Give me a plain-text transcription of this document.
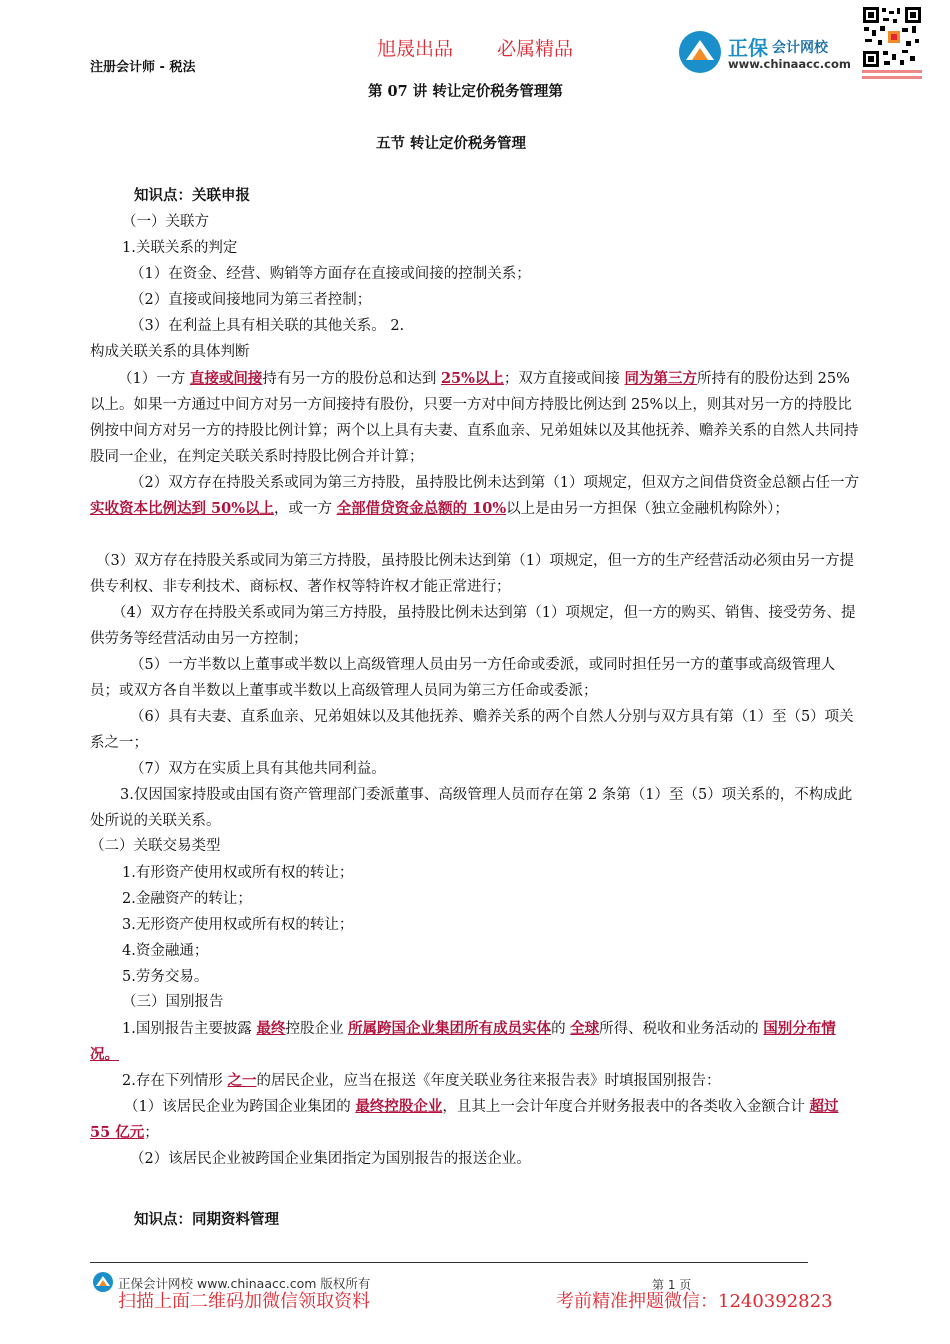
注册会计师 - 税法
旭晟出品 必属精品	正保 会计网校
www.chinaacc.com
第 07 讲 转让定价税务管理第
五节 转让定价税务管理
知识点：关联申报
（一）关联方
1.关联关系的判定
（1）在资金、经营、购销等方面存在直接或间接的控制关系；
（2）直接或间接地同为第三者控制；
（3）在利益上具有相关联的其他关系。 2.
构成关联关系的具体判断
（1）一方 直接或间接持有另一方的股份总和达到 25%以上；双方直接或间接 同为第三方所持有的股份达到 25%以上。如果一方通过中间方对另一方间接持有股份，只要一方对中间方持股比例达到 25%以上，则其对另一方的持股比例按中间方对另一方的持股比例计算；两个以上具有夫妻、直系血亲、兄弟姐妹以及其他抚养、赡养关系的自然人共同持股同一企业，在判定关联关系时持股比例合并计算；
（2）双方存在持股关系或同为第三方持股，虽持股比例未达到第（1）项规定，但双方之间借贷资金总额占任一方 实收资本比例达到 50%以上，或一方 全部借贷资金总额的 10%以上是由另一方担保（独立金融机构除外）；
（3）双方存在持股关系或同为第三方持股，虽持股比例未达到第（1）项规定，但一方的生产经营活动必须由另一方提供专利权、非专利技术、商标权、著作权等特许权才能正常进行；
（4）双方存在持股关系或同为第三方持股，虽持股比例未达到第（1）项规定，但一方的购买、销售、接受劳务、提供劳务等经营活动由另一方控制；
（5）一方半数以上董事或半数以上高级管理人员由另一方任命或委派，或同时担任另一方的董事或高级管理人员；或双方各自半数以上董事或半数以上高级管理人员同为第三方任命或委派；
（6）具有夫妻、直系血亲、兄弟姐妹以及其他抚养、赡养关系的两个自然人分别与双方具有第（1）至（5）项关系之一；
（7）双方在实质上具有其他共同利益。
3.仅因国家持股或由国有资产管理部门委派董事、高级管理人员而存在第 2 条第（1）至（5）项关系的，不构成此处所说的关联关系。
（二）关联交易类型
1.有形资产使用权或所有权的转让；
2.金融资产的转让；
3.无形资产使用权或所有权的转让；
4.资金融通；
5.劳务交易。
（三）国别报告
1.国别报告主要披露 最终控股企业 所属跨国企业集团所有成员实体的 全球所得、税收和业务活动的 国别分布情况。
2.存在下列情形 之一的居民企业，应当在报送《年度关联业务往来报告表》时填报国别报告：
（1）该居民企业为跨国企业集团的 最终控股企业，且其上一会计年度合并财务报表中的各类收入金额合计 超过 55 亿元；
（2）该居民企业被跨国企业集团指定为国别报告的报送企业。
知识点：同期资料管理
正保会计网校 www.chinaacc.com 版权所有	第 1 页
扫描上面二维码加微信领取资料	考前精准押题微信：1240392823
